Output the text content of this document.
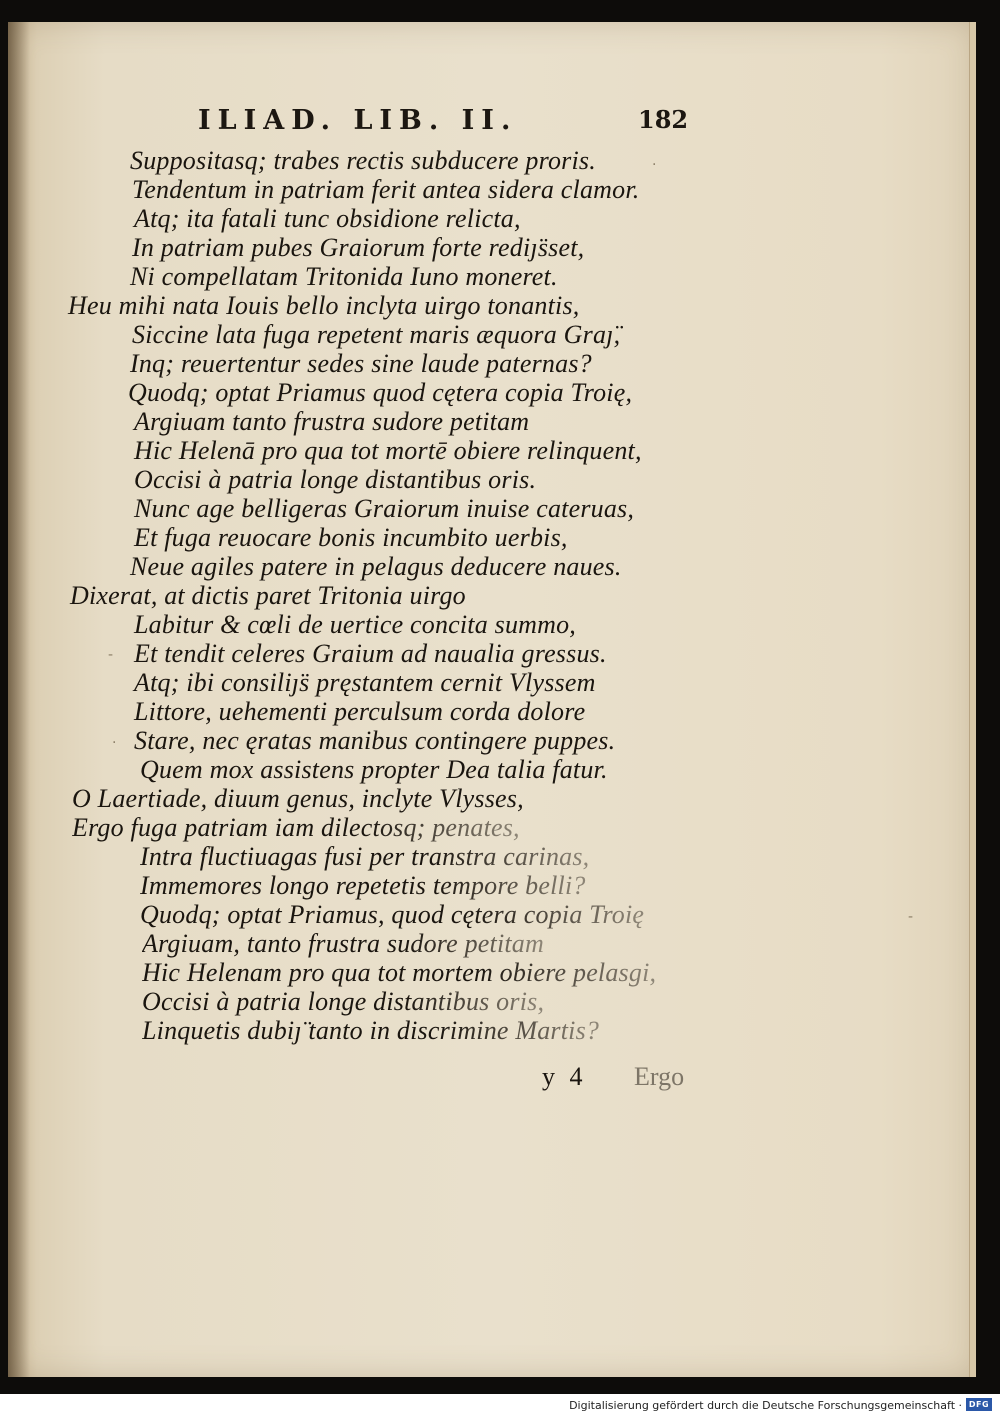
ILIAD. LIB. II.	182
Suppositasq; trabes rectis subducere proris.
Tendentum in patriam ferit antea sidera clamor.
Atq; ita fatali tunc obsidione relicta,
In patriam pubes Graiorum forte rediȷ̈sset,
Ni compellatam Tritonida Iuno moneret.
Heu mihi nata Iouis bello inclyta uirgo tonantis,
Siccine lata fuga repetent maris æquora Graȷ̈,
Inq; reuertentur sedes sine laude paternas?
Quodq; optat Priamus quod cętera copia Troię,
Argiuam tanto frustra sudore petitam
Hic Helenā pro qua tot mortē obiere relinquent,
Occisi à patria longe distantibus oris.
Nunc age belligeras Graiorum inuise cateruas,
Et fuga reuocare bonis incumbito uerbis,
Neue agiles patere in pelagus deducere naues.
Dixerat, at dictis paret Tritonia uirgo
Labitur & cœli de uertice concita summo,
Et tendit celeres Graium ad naualia gressus.
Atq; ibi consiliȷ̈s pręstantem cernit Vlyssem
Littore, uehementi perculsum corda dolore
Stare, nec ęratas manibus contingere puppes.
Quem mox assistens propter Dea talia fatur.
O Laertiade, diuum genus, inclyte Vlysses,
Ergo fuga patriam iam dilectosq; penates,
Intra fluctiuagas fusi per transtra carinas,
Immemores longo repetetis tempore belli?
Quodq; optat Priamus, quod cętera copia Troię
Argiuam, tanto frustra sudore petitam
Hic Helenam pro qua tot mortem obiere pelasgi,
Occisi à patria longe distantibus oris,
Linquetis dubiȷ̈ tanto in discrimine Martis?
y 4 Ergo
·
-
·
-
Digitalisierung gefördert durch die Deutsche Forschungsgemeinschaft · DFG
